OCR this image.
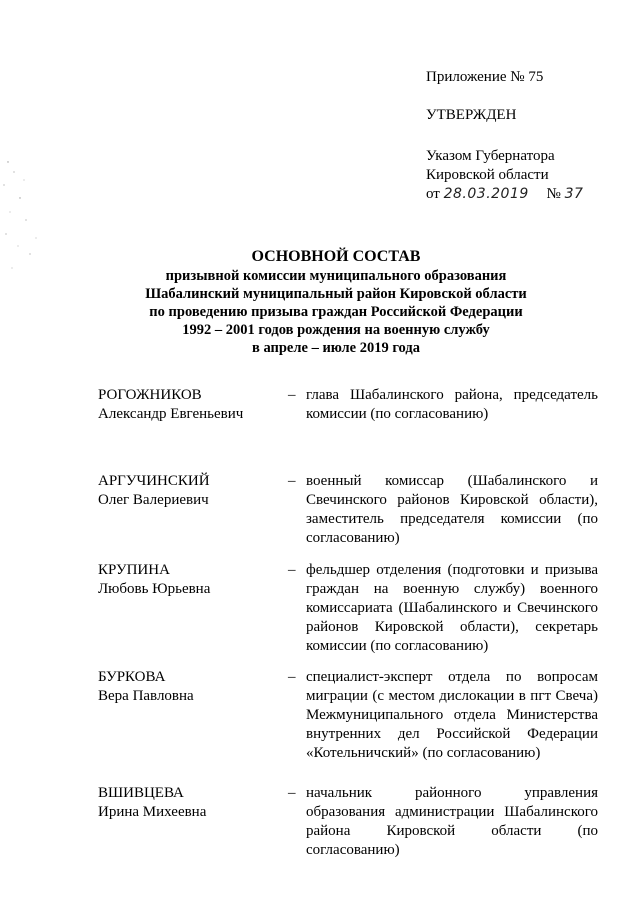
Приложение № 75
УТВЕРЖДЕН
Указом Губернатора
Кировской области
от 28.03.2019 № 37

ОСНОВНОЙ СОСТАВ

призывной комиссии муниципального образования

Шабалинский муниципальный район Кировской области

по проведению призыва граждан Российской Федерации

1992 – 2001 годов рождения на военную службу

в апреле – июле 2019 года

РОГОЖНИКОВ
Александр Евгеньевич
– глава Шабалинского района, председатель комиссии (по согласованию)
АРГУЧИНСКИЙ
Олег Валериевич
– военный комиссар (Шабалинского и Свечинского районов Кировской области), заместитель председателя комиссии (по согласованию)
КРУПИНА
Любовь Юрьевна
– фельдшер отделения (подготовки и призыва граждан на военную службу) военного комиссариата (Шабалинского и Свечинского районов Кировской области), секретарь комиссии (по согласованию)
БУРКОВА
Вера Павловна
– специалист-эксперт отдела по вопросам миграции (с местом дислокации в пгт Свеча) Межмуниципального отдела Министерства внутренних дел Российской Федерации «Котельничский» (по согласованию)
ВШИВЦЕВА
Ирина Михеевна
– начальник районного управления образования администрации Шабалинского района Кировской области (по согласованию)
